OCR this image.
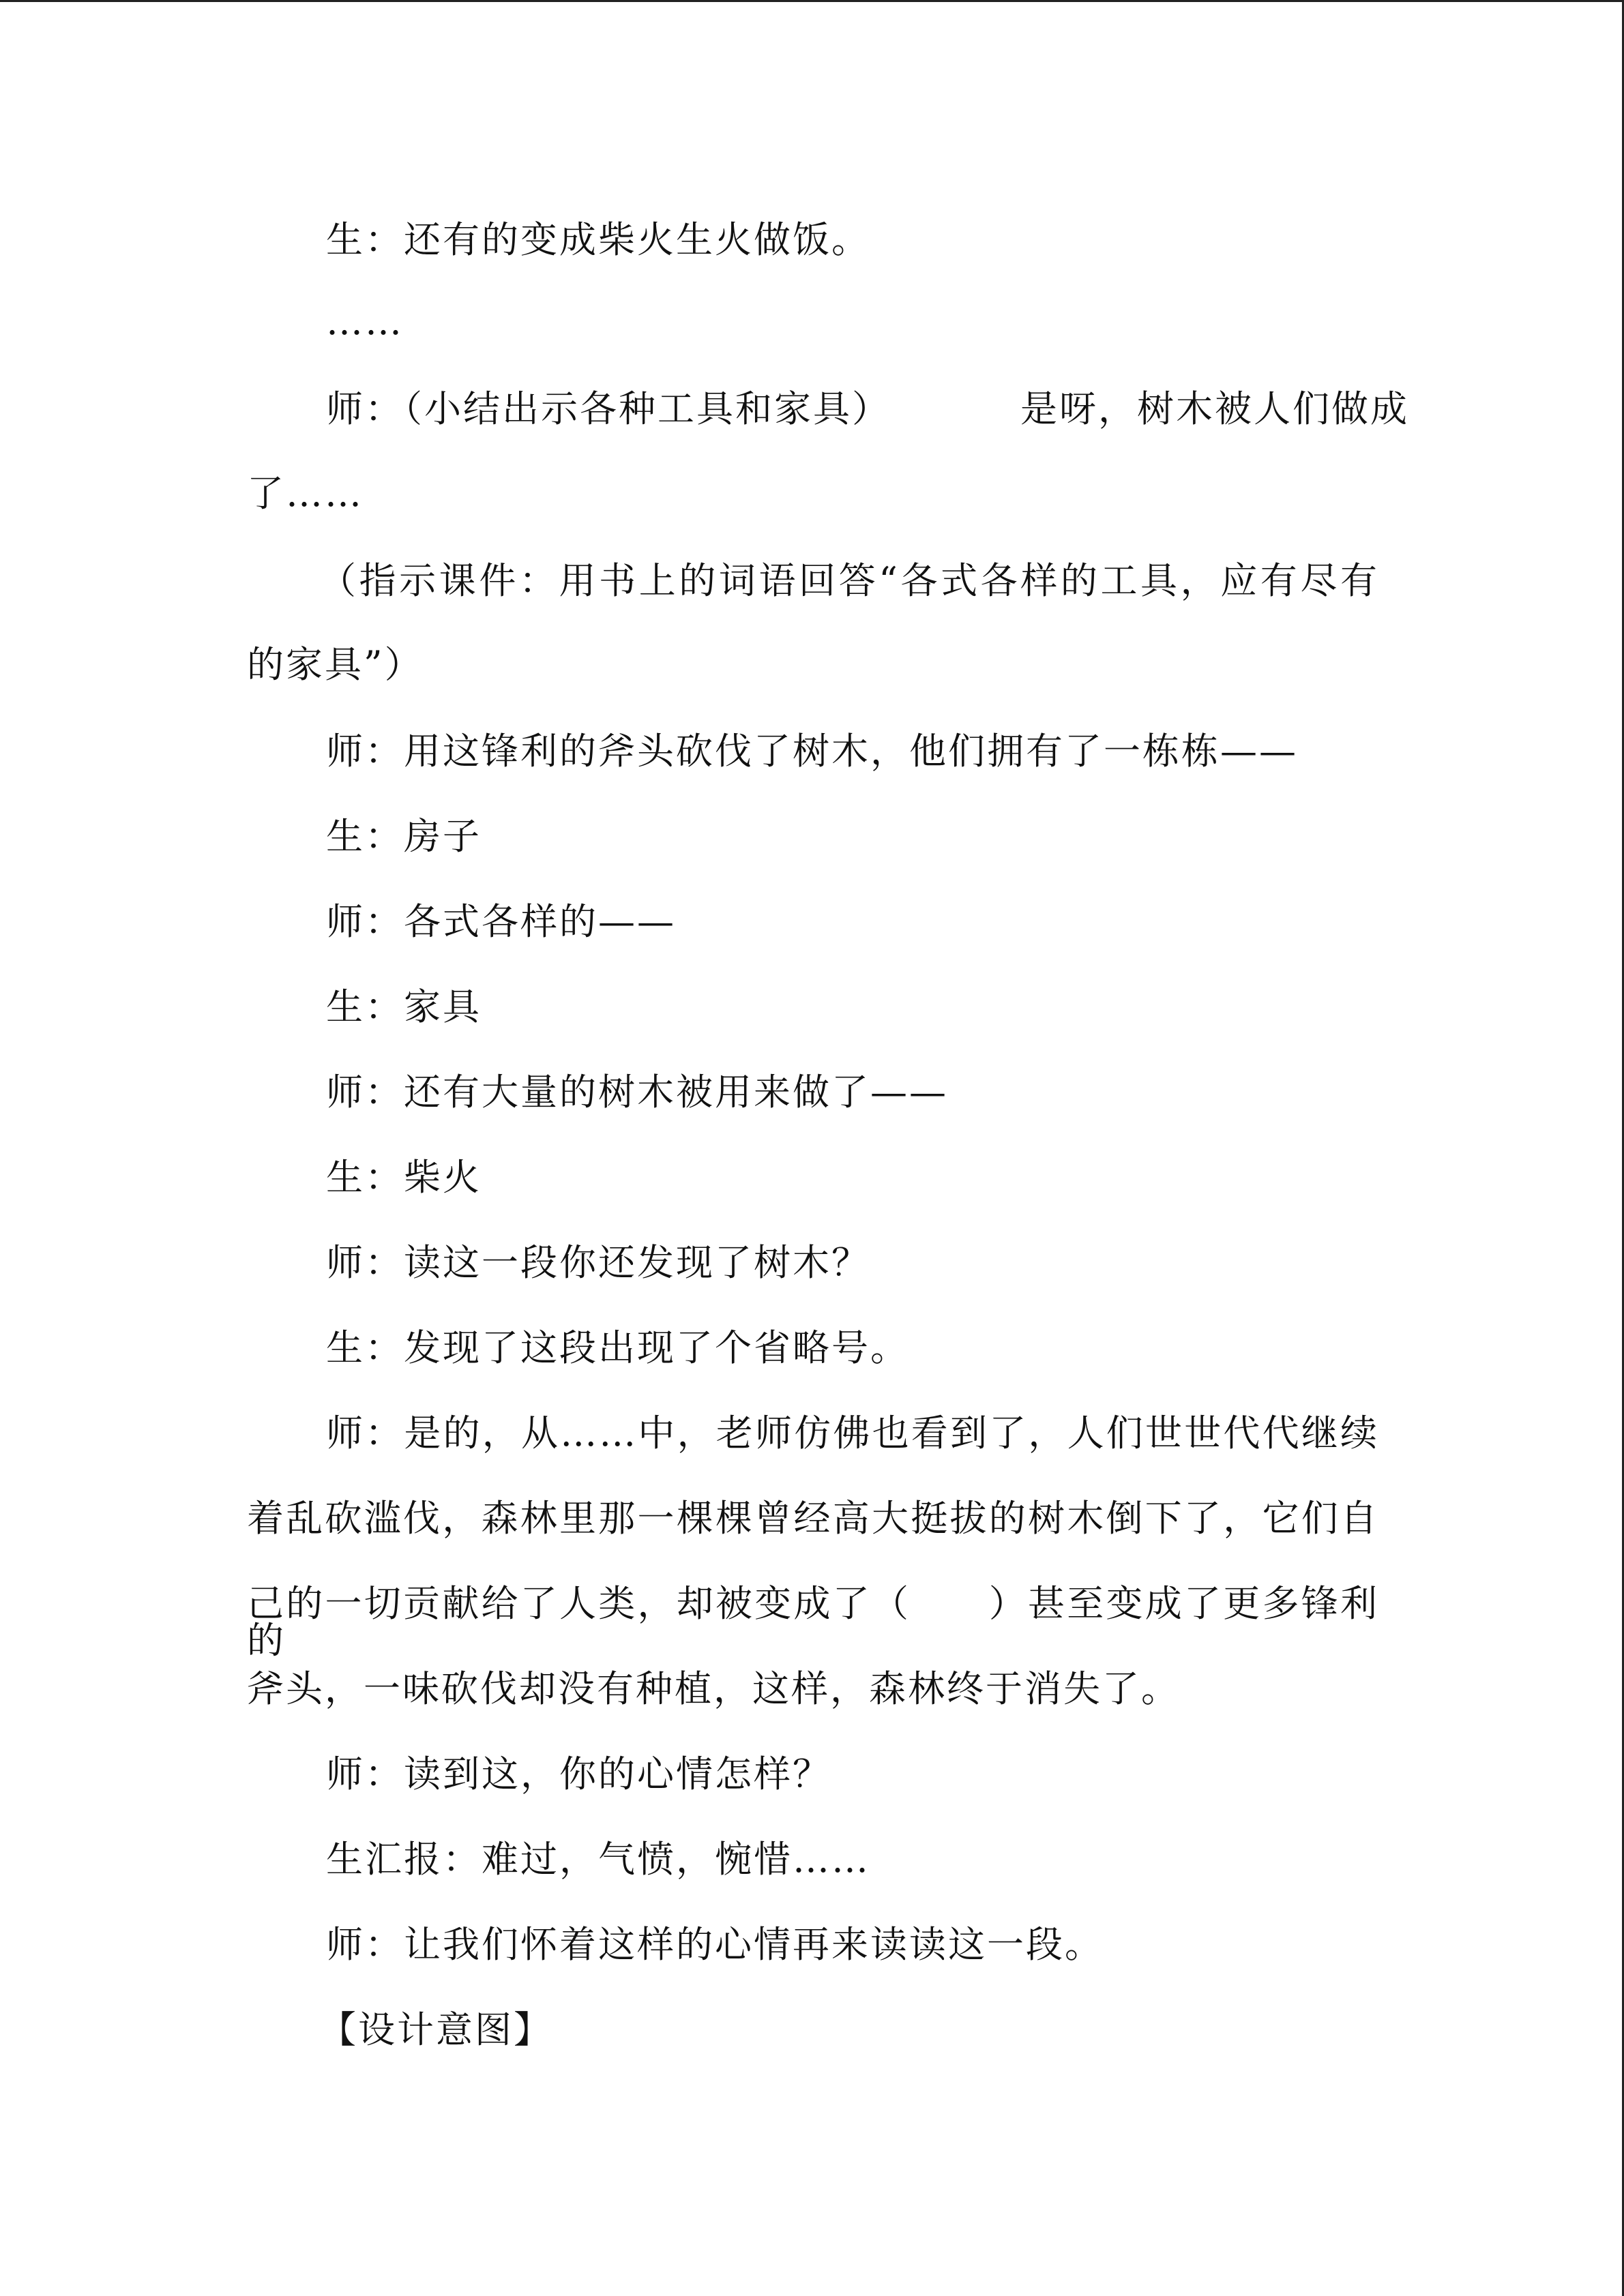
生：还有的变成柴火生火做饭。
……
师：（小结出示各种工具和家具）	是呀，树木被人们做成
了……
（指示课件：用书上的词语回答“各式各样的工具，应有尽有
的家具”）
师：用这锋利的斧头砍伐了树木，他们拥有了一栋栋——
生：房子
师：各式各样的——
生：家具
师：还有大量的树木被用来做了——
生：柴火
师：读这一段你还发现了树木？
生：发现了这段出现了个省略号。
师：是的，从……中，老师仿佛也看到了，人们世世代代继续
着乱砍滥伐，森林里那一棵棵曾经高大挺拔的树木倒下了，它们自
己的一切贡献给了人类，却被变成了（　　）甚至变成了更多锋利的
斧头，一味砍伐却没有种植，这样，森林终于消失了。
师：读到这，你的心情怎样？
生汇报：难过，气愤，惋惜……
师：让我们怀着这样的心情再来读读这一段。
【设计意图】
